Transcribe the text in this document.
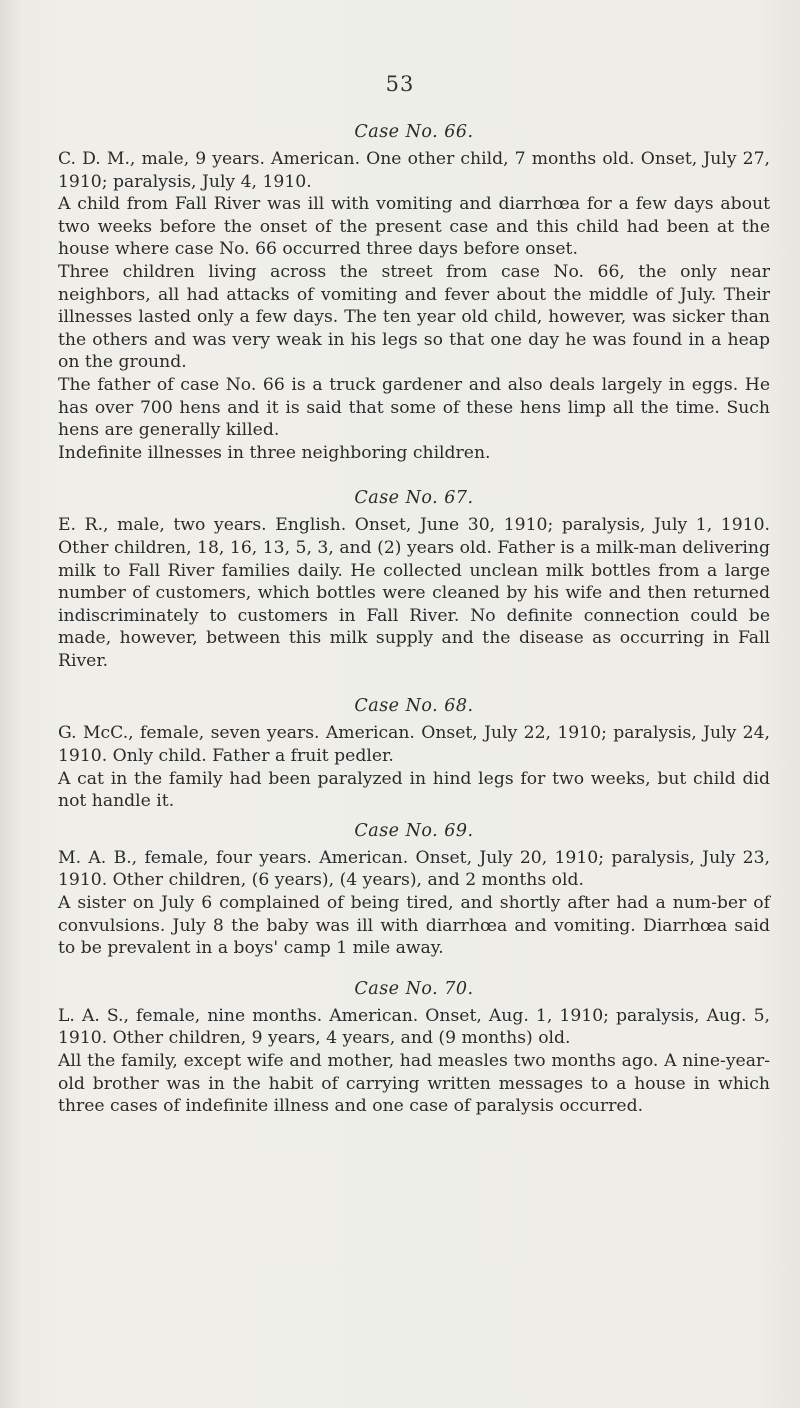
53
Case No. 66.

C. D. M., male, 9 years. American. One other child, 7 months old. Onset, July 27, 1910; paralysis, July 4, 1910.

A child from Fall River was ill with vomiting and diarrhœa for a few days about two weeks before the onset of the present case and this child had been at the house where case No. 66 occurred three days before onset.

Three children living across the street from case No. 66, the only near neighbors, all had attacks of vomiting and fever about the middle of July. Their illnesses lasted only a few days. The ten year old child, however, was sicker than the others and was very weak in his legs so that one day he was found in a heap on the ground.

The father of case No. 66 is a truck gardener and also deals largely in eggs. He has over 700 hens and it is said that some of these hens limp all the time. Such hens are generally killed.

Indefinite illnesses in three neighboring children.

Case No. 67.

E. R., male, two years. English. Onset, June 30, 1910; paralysis, July 1, 1910. Other children, 18, 16, 13, 5, 3, and (2) years old. Father is a milk-man delivering milk to Fall River families daily. He collected unclean milk bottles from a large number of customers, which bottles were cleaned by his wife and then returned indiscriminately to customers in Fall River. No definite connection could be made, however, between this milk supply and the disease as occurring in Fall River.

Case No. 68.

G. McC., female, seven years. American. Onset, July 22, 1910; paralysis, July 24, 1910. Only child. Father a fruit pedler.

A cat in the family had been paralyzed in hind legs for two weeks, but child did not handle it.

Case No. 69.

M. A. B., female, four years. American. Onset, July 20, 1910; paralysis, July 23, 1910. Other children, (6 years), (4 years), and 2 months old.

A sister on July 6 complained of being tired, and shortly after had a num-ber of convulsions. July 8 the baby was ill with diarrhœa and vomiting. Diarrhœa said to be prevalent in a boys' camp 1 mile away.

Case No. 70.

L. A. S., female, nine months. American. Onset, Aug. 1, 1910; paralysis, Aug. 5, 1910. Other children, 9 years, 4 years, and (9 months) old.

All the family, except wife and mother, had measles two months ago. A nine-year-old brother was in the habit of carrying written messages to a house in which three cases of indefinite illness and one case of paralysis occurred.
